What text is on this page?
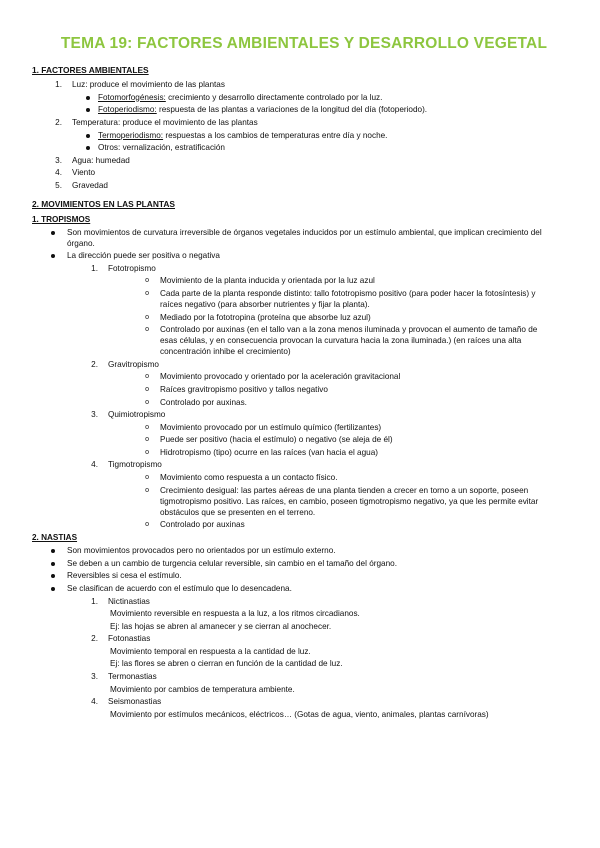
TEMA 19: FACTORES AMBIENTALES Y DESARROLLO VEGETAL
1. FACTORES AMBIENTALES
1. Luz: produce el movimiento de las plantas
Fotomorfogénesis: crecimiento y desarrollo directamente controlado por la luz.
Fotoperiodismo: respuesta de las plantas a variaciones de la longitud del día (fotoperiodo).
2. Temperatura: produce el movimiento de las plantas
Termoperiodismo: respuestas a los cambios de temperaturas entre día y noche.
Otros: vernalización, estratificación
3. Agua: humedad
4. Viento
5. Gravedad
2. MOVIMIENTOS EN LAS PLANTAS
1. TROPISMOS
Son movimientos de curvatura irreversible de órganos vegetales inducidos por un estímulo ambiental, que implican crecimiento del órgano.
La dirección puede ser positiva o negativa
1. Fototropismo
o Movimiento de la planta inducida y orientada por la luz azul
o Cada parte de la planta responde distinto: tallo fototropismo positivo (para poder hacer la fotosíntesis) y raíces negativo (para absorber nutrientes y fijar la planta).
o Mediado por la fototropina (proteína que absorbe luz azul)
o Controlado por auxinas (en el tallo van a la zona menos iluminada y provocan el aumento de tamaño de esas células, y en consecuencia provocan la curvatura hacia la zona iluminada.) (en raíces una alta concentración inhibe el crecimiento)
2. Gravitropismo
o Movimiento provocado y orientado por la aceleración gravitacional
o Raíces gravitropismo positivo y tallos negativo
o Controlado por auxinas.
3. Quimiotropismo
o Movimiento provocado por un estímulo químico (fertilizantes)
o Puede ser positivo (hacia el estímulo) o negativo (se aleja de él)
o Hidrotropismo (tipo) ocurre en las raíces (van hacia el agua)
4. Tigmotropismo
o Movimiento como respuesta a un contacto físico.
o Crecimiento desigual: las partes aéreas de una planta tienden a crecer en torno a un soporte, poseen tigmotropismo positivo. Las raíces, en cambio, poseen tigmotropismo negativo, ya que les permite evitar obstáculos que se presenten en el terreno.
o Controlado por auxinas
2. NASTIAS
Son movimientos provocados pero no orientados por un estímulo externo.
Se deben a un cambio de turgencia celular reversible, sin cambio en el tamaño del órgano.
Reversibles si cesa el estímulo.
Se clasifican de acuerdo con el estímulo que lo desencadena.
1. Nictinastias
Movimiento reversible en respuesta a la luz, a los ritmos circadianos.
Ej: las hojas se abren al amanecer y se cierran al anochecer.
2. Fotonastias
Movimiento temporal en respuesta a la cantidad de luz.
Ej: las flores se abren o cierran en función de la cantidad de luz.
3. Termonastias
Movimiento por cambios de temperatura ambiente.
4. Seismonastias
Movimiento por estímulos mecánicos, eléctricos… (Gotas de agua, viento, animales, plantas carnívoras)
